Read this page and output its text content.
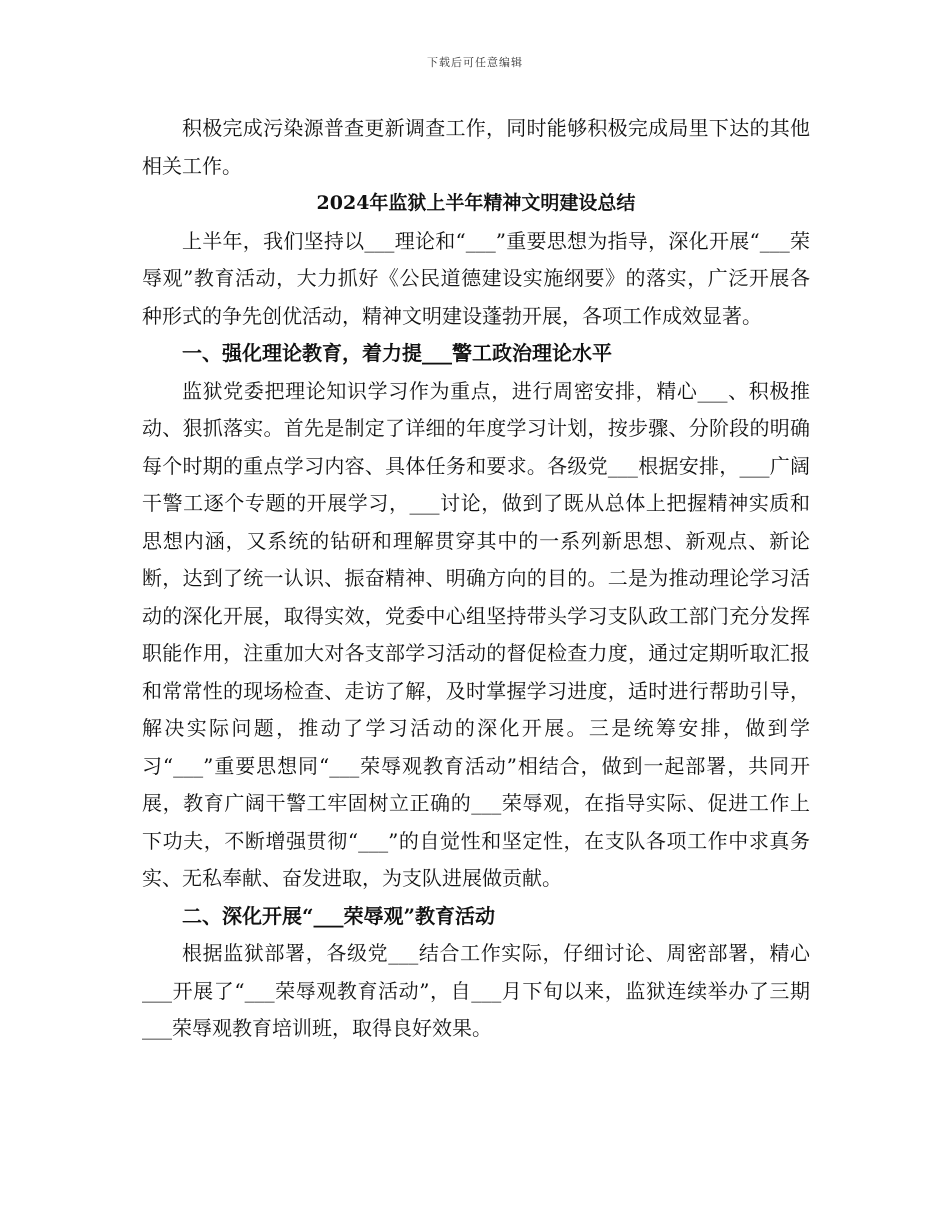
下载后可任意编辑

积极完成污染源普查更新调查工作，同时能够积极完成局里下达的其他相关工作。

2024年监狱上半年精神文明建设总结

上半年，我们坚持以___理论和“___”重要思想为指导，深化开展“___荣辱观”教育活动，大力抓好《公民道德建设实施纲要》的落实，广泛开展各种形式的争先创优活动，精神文明建设蓬勃开展，各项工作成效显著。

一、强化理论教育，着力提___警工政治理论水平

监狱党委把理论知识学习作为重点，进行周密安排，精心___、积极推动、狠抓落实。首先是制定了详细的年度学习计划，按步骤、分阶段的明确每个时期的重点学习内容、具体任务和要求。各级党___根据安排，___广阔干警工逐个专题的开展学习，___讨论，做到了既从总体上把握精神实质和思想内涵，又系统的钻研和理解贯穿其中的一系列新思想、新观点、新论断，达到了统一认识、振奋精神、明确方向的目的。二是为推动理论学习活动的深化开展，取得实效，党委中心组坚持带头学习支队政工部门充分发挥职能作用，注重加大对各支部学习活动的督促检查力度，通过定期听取汇报和常常性的现场检查、走访了解，及时掌握学习进度，适时进行帮助引导，解决实际问题，推动了学习活动的深化开展。三是统筹安排，做到学习“___”重要思想同“___荣辱观教育活动”相结合，做到一起部署，共同开展，教育广阔干警工牢固树立正确的___荣辱观，在指导实际、促进工作上下功夫，不断增强贯彻“___”的自觉性和坚定性，在支队各项工作中求真务实、无私奉献、奋发进取，为支队进展做贡献。

二、深化开展“___荣辱观”教育活动

根据监狱部署，各级党___结合工作实际，仔细讨论、周密部署，精心___开展了“___荣辱观教育活动”，自___月下旬以来，监狱连续举办了三期___荣辱观教育培训班，取得良好效果。
